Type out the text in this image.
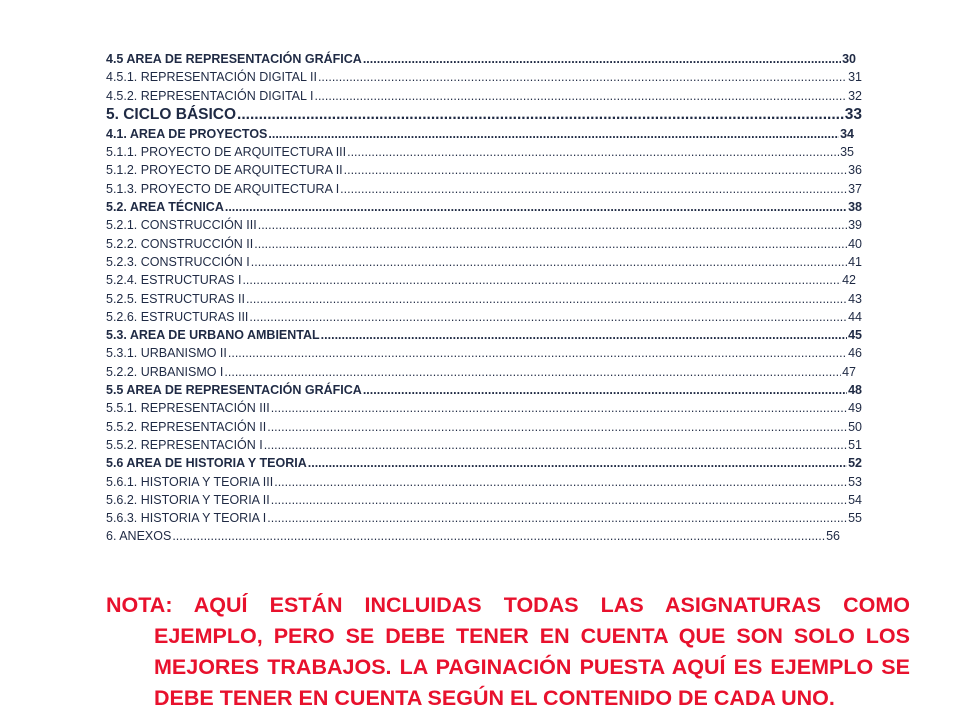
4.5 AREA DE REPRESENTACIÓN GRÁFICA .....	30
4.5.1. REPRESENTACIÓN DIGITAL II .....	31
4.5.2. REPRESENTACIÓN DIGITAL I .....	32
5. CICLO BÁSICO .....	33
4.1. AREA DE PROYECTOS .....	34
5.1.1. PROYECTO DE ARQUITECTURA III .....	35
5.1.2. PROYECTO DE ARQUITECTURA II .....	36
5.1.3. PROYECTO DE ARQUITECTURA I .....	37
5.2. AREA TÉCNICA .....	38
5.2.1. CONSTRUCCIÓN III .....	39
5.2.2. CONSTRUCCIÓN II .....	40
5.2.3. CONSTRUCCIÓN I .....	41
5.2.4. ESTRUCTURAS I .....	42
5.2.5. ESTRUCTURAS II .....	43
5.2.6. ESTRUCTURAS III .....	44
5.3. AREA DE URBANO AMBIENTAL .....	45
5.3.1. URBANISMO II .....	46
5.2.2. URBANISMO I .....	47
5.5 AREA DE REPRESENTACIÓN GRÁFICA .....	48
5.5.1. REPRESENTACIÓN III .....	49
5.5.2. REPRESENTACIÓN II .....	50
5.5.2. REPRESENTACIÓN I .....	51
5.6 AREA DE HISTORIA Y TEORIA .....	52
5.6.1. HISTORIA Y TEORIA III .....	53
5.6.2. HISTORIA Y TEORIA II .....	54
5.6.3. HISTORIA Y TEORIA I .....	55
6. ANEXOS .....	56
NOTA: AQUÍ ESTÁN INCLUIDAS TODAS LAS ASIGNATURAS COMO EJEMPLO, PERO SE DEBE TENER EN CUENTA QUE SON SOLO LOS MEJORES TRABAJOS. LA PAGINACIÓN PUESTA AQUÍ ES EJEMPLO SE DEBE TENER EN CUENTA SEGÚN EL CONTENIDO DE CADA UNO.
